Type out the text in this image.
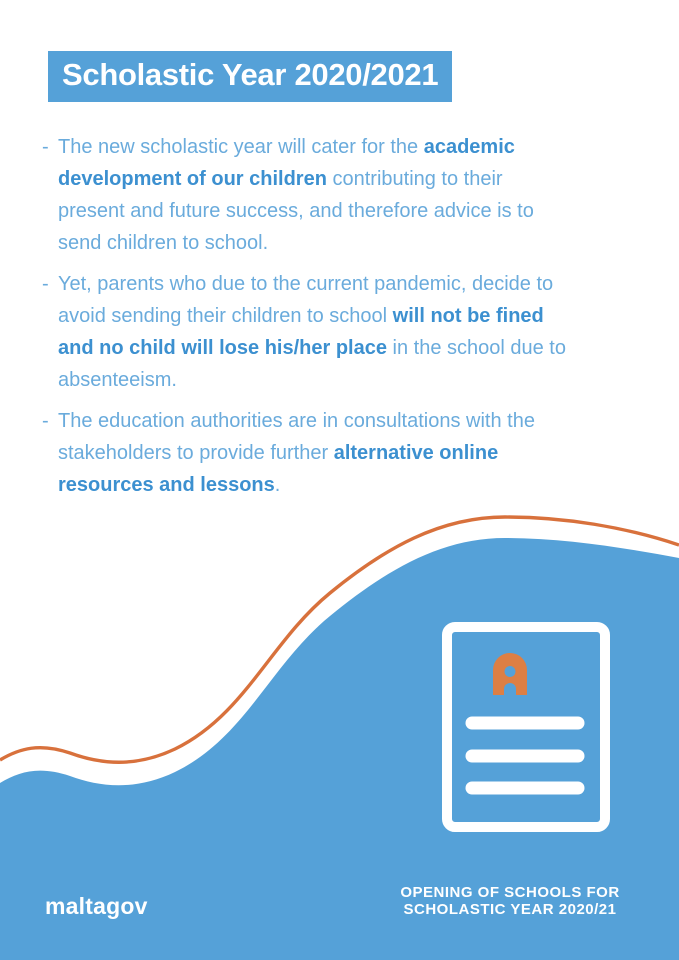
Scholastic Year 2020/2021
- The new scholastic year will cater for the academic development of our children contributing to their present and future success, and therefore advice is to send children to school.

- Yet, parents who due to the current pandemic, decide to avoid sending their children to school will not be fined and no child will lose his/her place in the school due to absenteeism.

- The education authorities are in consultations with the stakeholders to provide further alternative online resources and lessons.

maltagov
OPENING OF SCHOOLS FOR
SCHOLASTIC YEAR 2020/21
